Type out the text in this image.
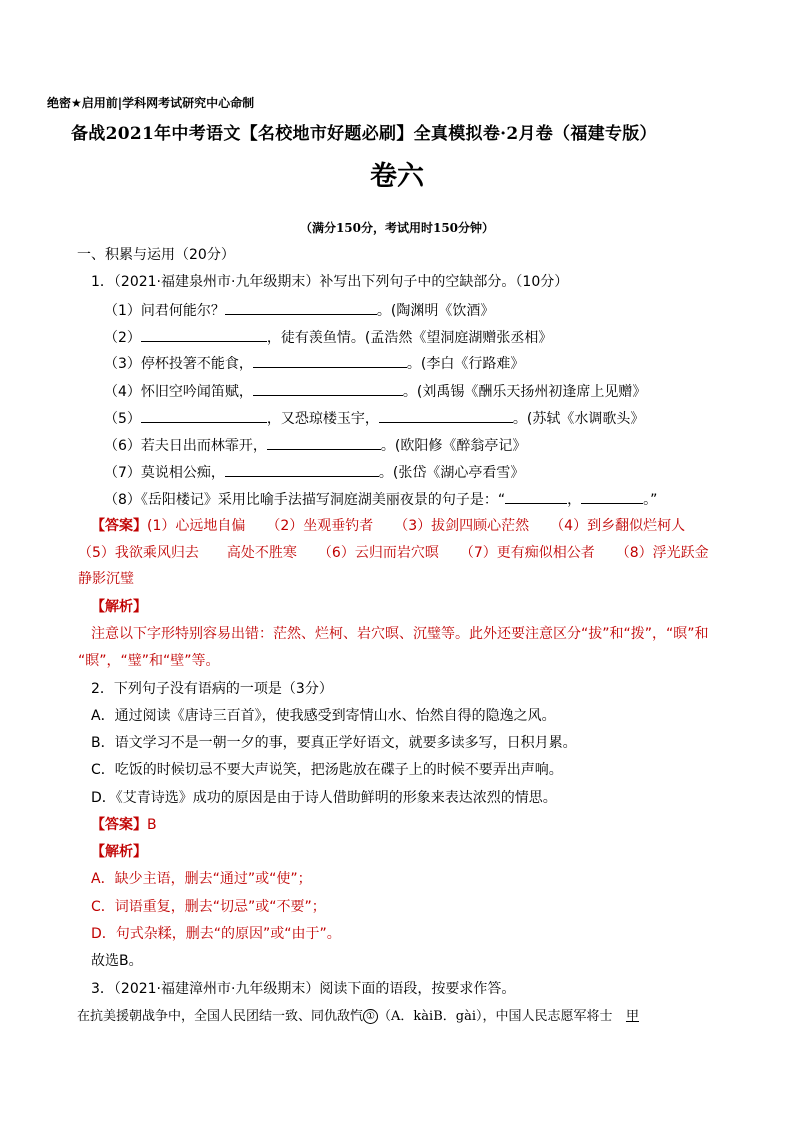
绝密★启用前|学科网考试研究中心命制
备战2021年中考语文【名校地市好题必刷】全真模拟卷·2月卷（福建专版）
卷六
（满分150分，考试用时150分钟）
一、积累与运用（20分）
1．（2021·福建泉州市·九年级期末）补写出下列句子中的空缺部分。（10分）
（1）问君何能尔？	。(陶渊明《饮酒》
（2）	，徒有羡鱼情。(孟浩然《望洞庭湖赠张丞相》
（3）停杯投箸不能食，	。(李白《行路难》
（4）怀旧空吟闻笛赋，	。(刘禹锡《酬乐天扬州初逢席上见赠》
（5）	，又恐琼楼玉宇，	。(苏轼《水调歌头》
（6）若夫日出而林霏开，	。(欧阳修《醉翁亭记》
（7）莫说相公痴，	。(张岱《湖心亭看雪》
（8）《岳阳楼记》采用比喻手法描写洞庭湖美丽夜景的句子是：“	，	。”
【答案】(1）心远地自偏　　（2）坐观垂钓者　　（3）拔剑四顾心茫然　　（4）到乡翻似烂柯人
（5）我欲乘风归去　　高处不胜寒　　（6）云归而岩穴暝　　（7）更有痴似相公者　　（8）浮光跃金
静影沉璧
【解析】
注意以下字形特别容易出错：茫然、烂柯、岩穴暝、沉璧等。此外还要注意区分“拔”和“拨”，“暝”和
“瞑”，“璧”和“壁”等。
2．下列句子没有语病的一项是（3分）
A．通过阅读《唐诗三百首》，使我感受到寄情山水、怡然自得的隐逸之风。
B．语文学习不是一朝一夕的事，要真正学好语文，就要多读多写，日积月累。
C．吃饭的时候切忌不要大声说笑，把汤匙放在碟子上的时候不要弄出声响。
D．《艾青诗选》成功的原因是由于诗人借助鲜明的形象来表达浓烈的情思。
【答案】B
【解析】
A．缺少主语，删去“通过”或“使”；
C．词语重复，删去“切忌”或“不要”；
D．句式杂糅，删去“的原因”或“由于”。
故选B。
3．（2021·福建漳州市·九年级期末）阅读下面的语段，按要求作答。
在抗美援朝战争中，全国人民团结一致、同仇敌忾 ① （A．kàiB．gài），中国人民志愿军将士 甲
